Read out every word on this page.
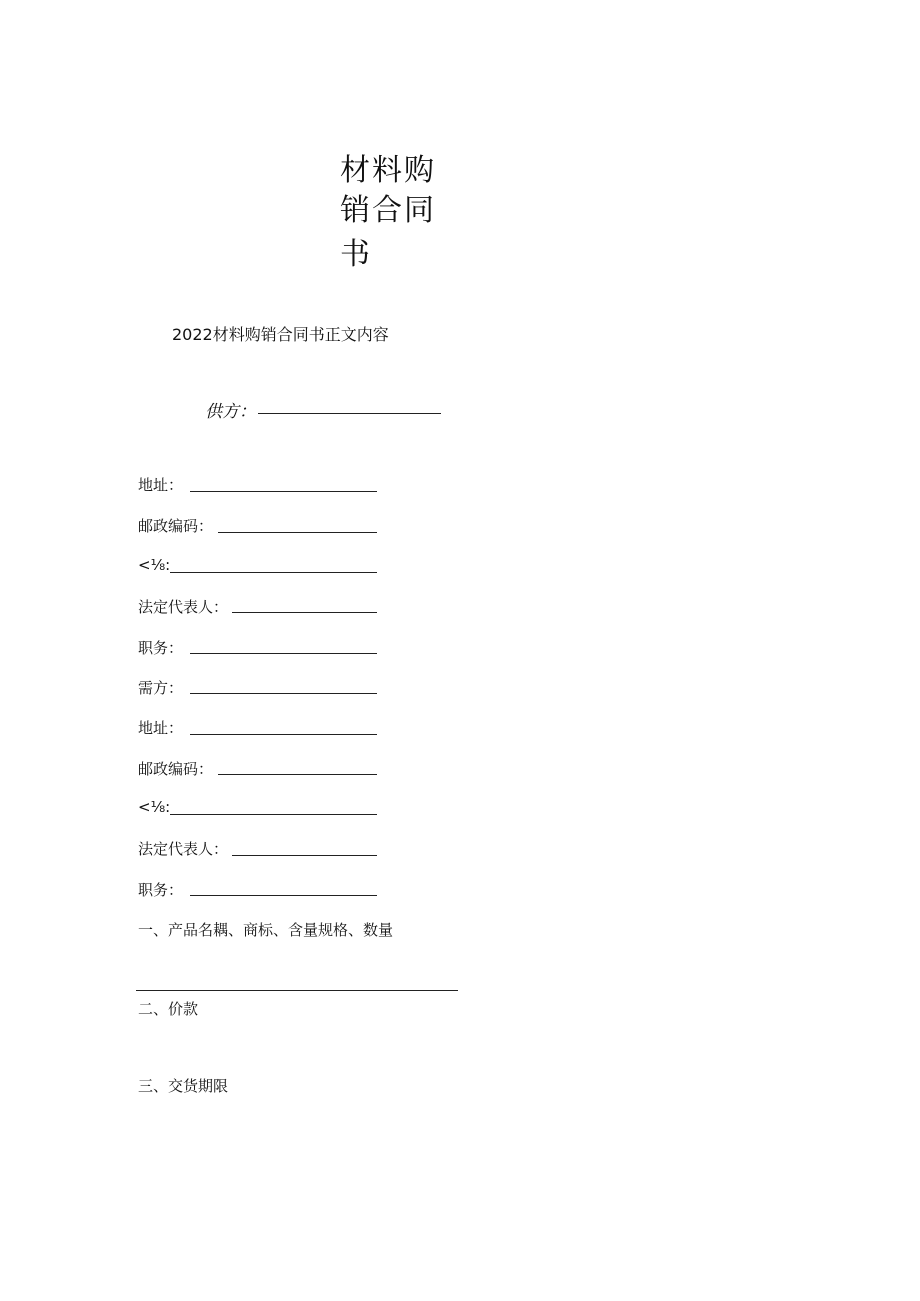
材料购
销合同
书
2022材料购销合同书正文内容
供方：
地址：
邮政编码：
<⅛:
法定代表人：
职务：
需方：
地址：
邮政编码：
<⅛:
法定代表人：
职务：
一、产品名耦、商标、含量规格、数量
二、价款
三、交货期限
